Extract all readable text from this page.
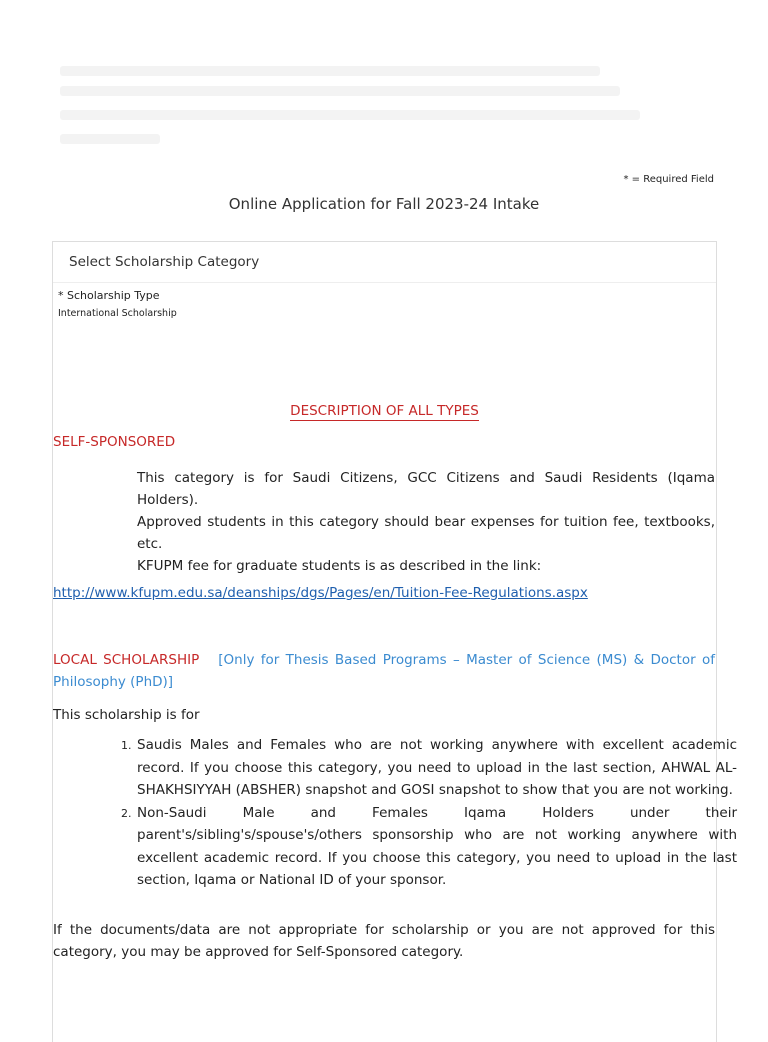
* = Required Field
Online Application for Fall 2023-24 Intake
Select Scholarship Category
* Scholarship Type
International Scholarship
DESCRIPTION OF ALL TYPES
SELF-SPONSORED
This category is for Saudi Citizens, GCC Citizens and Saudi Residents (Iqama Holders).
Approved students in this category should bear expenses for tuition fee, textbooks, etc.
KFUPM fee for graduate students is as described in the link:
http://www.kfupm.edu.sa/deanships/dgs/Pages/en/Tuition-Fee-Regulations.aspx
LOCAL SCHOLARSHIP [Only for Thesis Based Programs – Master of Science (MS) & Doctor of Philosophy (PhD)]
This scholarship is for
1. Saudis Males and Females who are not working anywhere with excellent academic record. If you choose this category, you need to upload in the last section, AHWAL AL-SHAKHSIYYAH (ABSHER) snapshot and GOSI snapshot to show that you are not working.
2. Non-Saudi Male and Females Iqama Holders under their parent's/sibling's/spouse's/others sponsorship who are not working anywhere with excellent academic record. If you choose this category, you need to upload in the last section, Iqama or National ID of your sponsor.
If the documents/data are not appropriate for scholarship or you are not approved for this category, you may be approved for Self-Sponsored category.
